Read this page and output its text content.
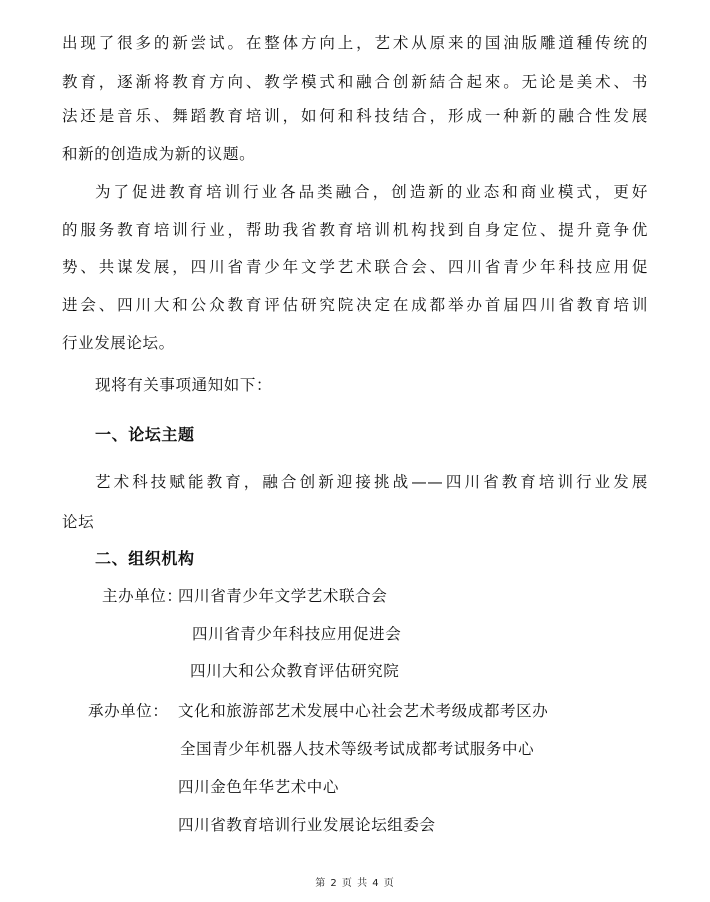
出现了很多的新尝试。在整体方向上，艺术从原来的国油版雕道種传统的
教育，逐渐将教育方向、教学模式和融合创新結合起來。无论是美术、书
法还是音乐、舞蹈教育培训，如何和科技结合，形成一种新的融合性发展
和新的创造成为新的议题。
为了促进教育培训行业各品类融合，创造新的业态和商业模式，更好
的服务教育培训行业，帮助我省教育培训机构找到自身定位、提升竟争优
势、共谋发展，四川省青少年文学艺术联合会、四川省青少年科技应用促
进会、四川大和公众教育评估研究院决定在成都举办首届四川省教育培训
行业发展论坛。
现将有关事项通知如下：
一、论坛主题
艺术科技赋能教育，融合创新迎接挑战——四川省教育培训行业发展
论坛
二、组织机构
主办单位：
四川省青少年文学艺术联合会
四川省青少年科技应用促进会
四川大和公众教育评估研究院
承办单位： 文化和旅游部艺术发展中心社会艺术考级成都考区办
全国青少年机器人技术等级考试成都考试服务中心
四川金色年华艺术中心
四川省教育培训行业发展论坛组委会
第 2 页 共 4 页
